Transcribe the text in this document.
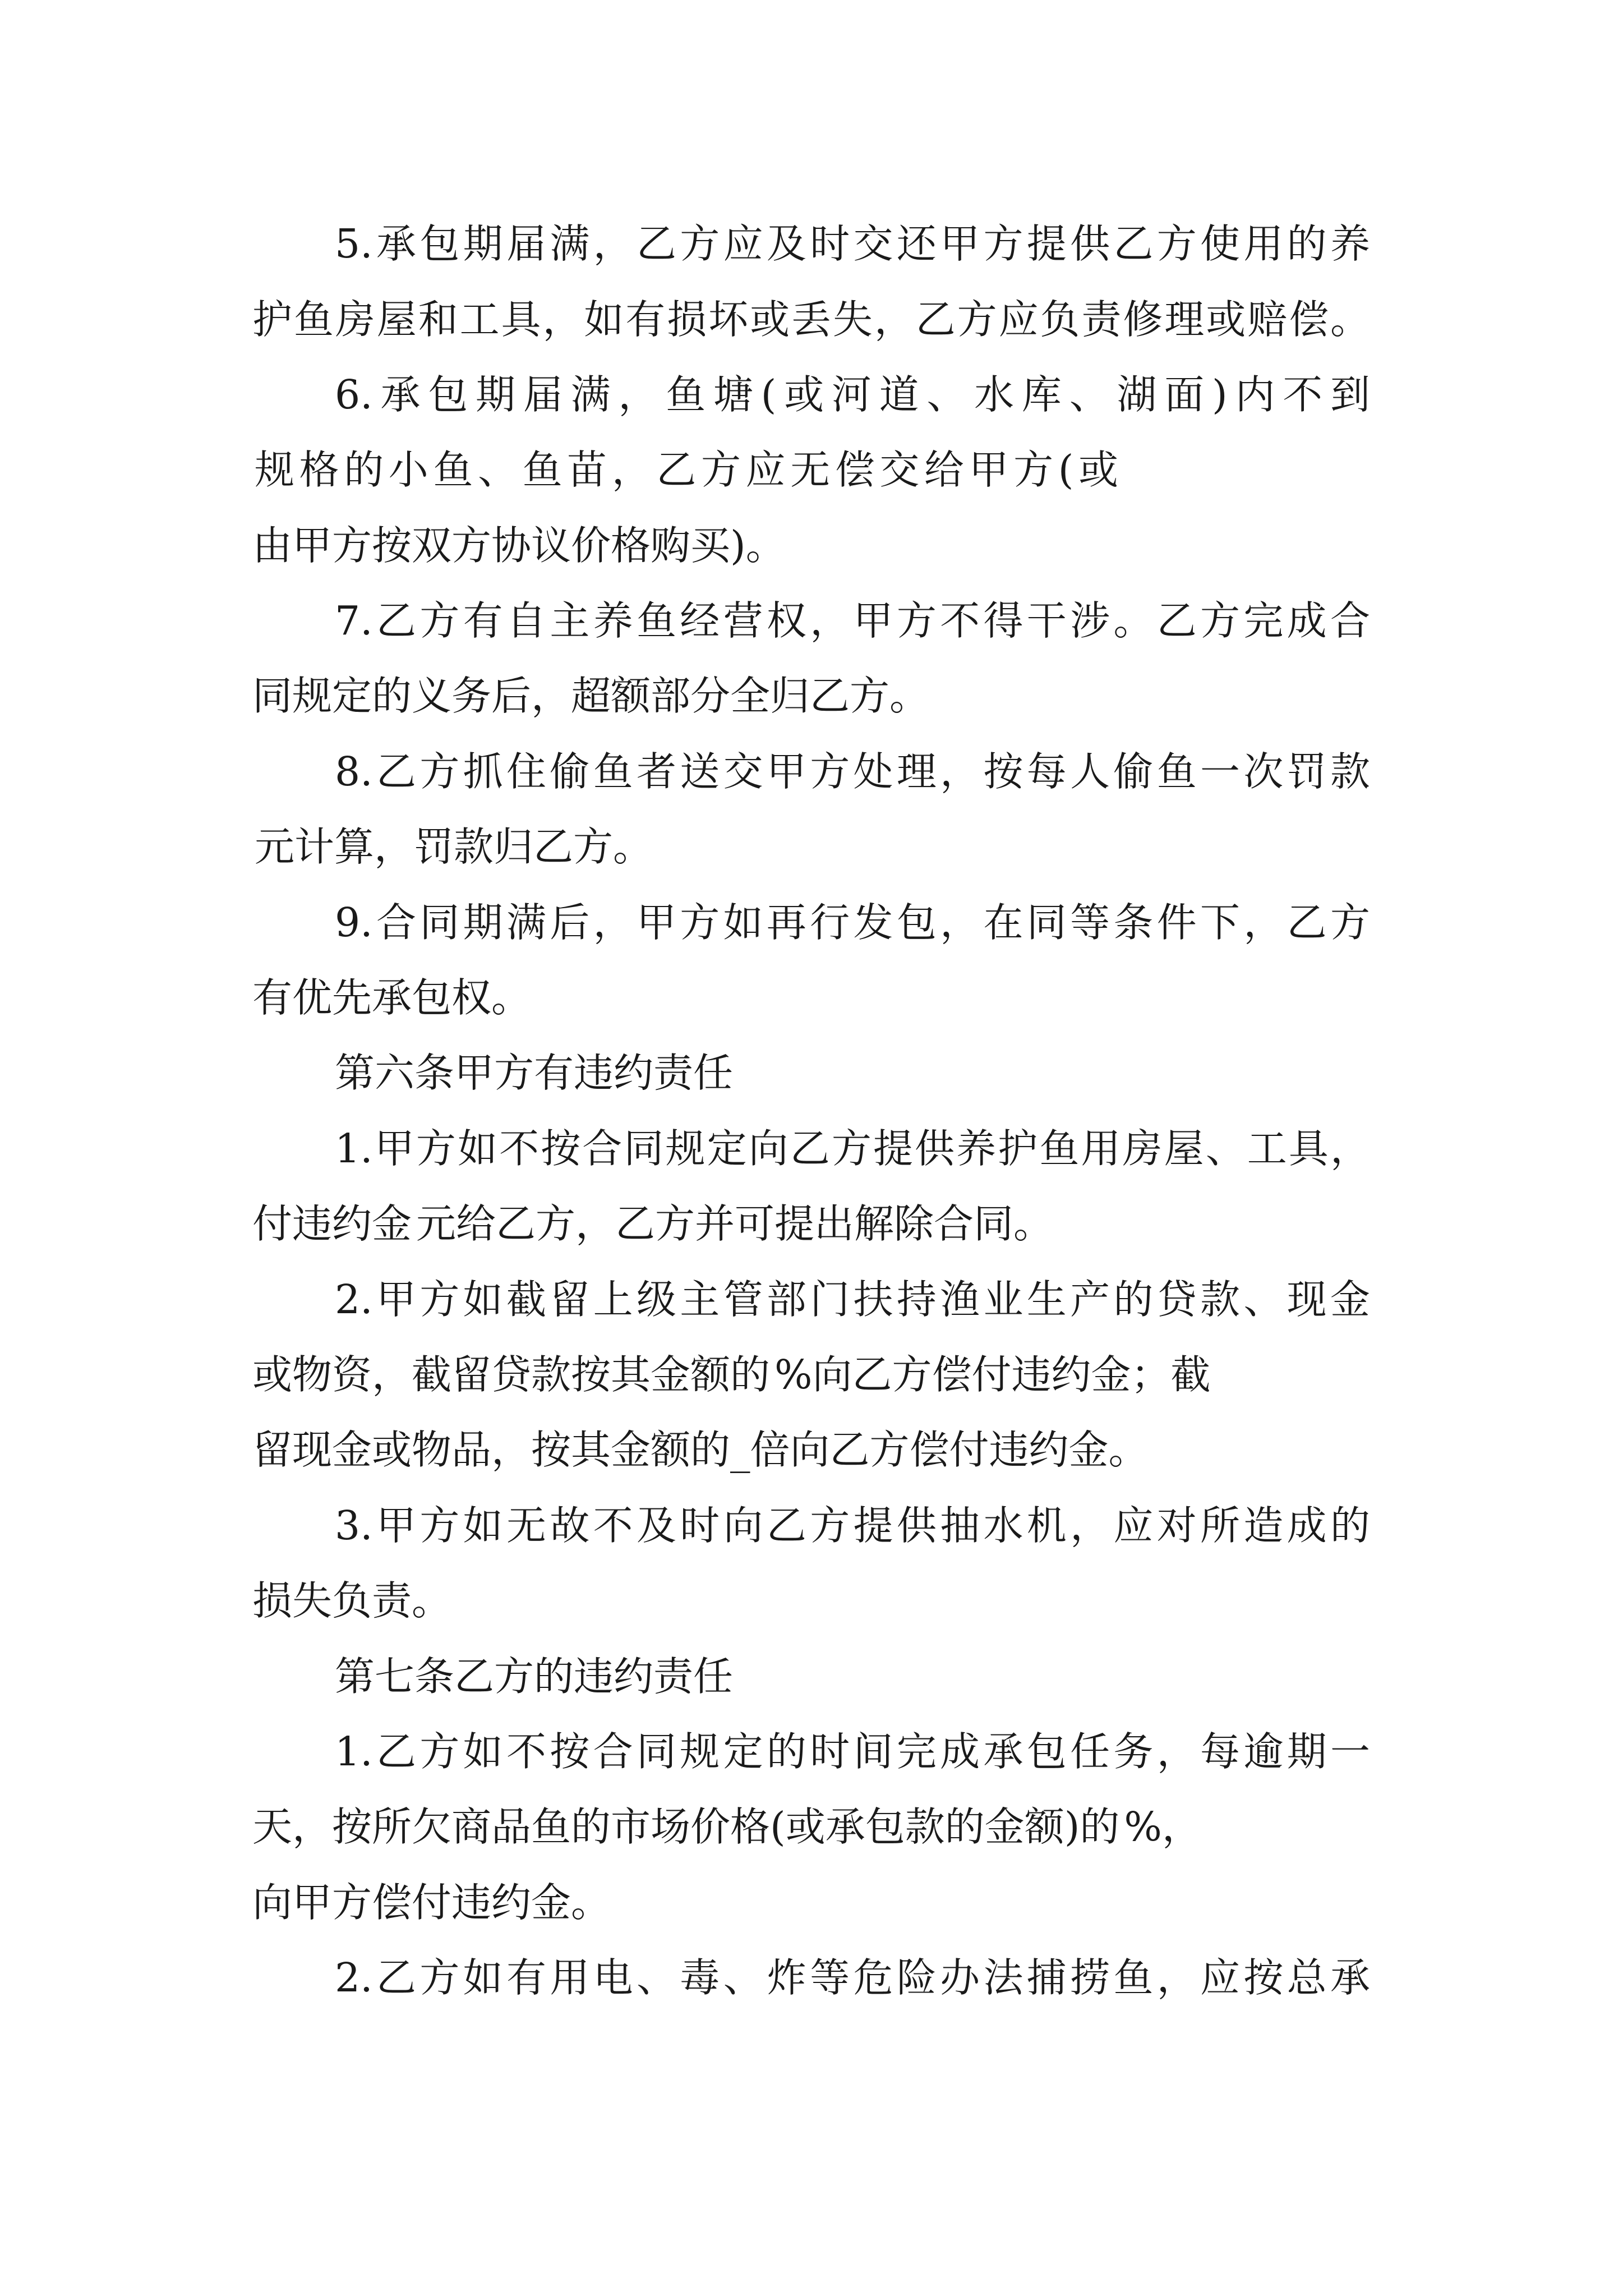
5.承包期届满，乙方应及时交还甲方提供乙方使用的养
护鱼房屋和工具，如有损坏或丢失，乙方应负责修理或赔偿。
6.承包期届满，鱼塘(或河道、水库、湖面)内不到
规格的小鱼、鱼苗，乙方应无偿交给甲方(或
由甲方按双方协议价格购买)。
7.乙方有自主养鱼经营权，甲方不得干涉。乙方完成合
同规定的义务后，超额部分全归乙方。
8.乙方抓住偷鱼者送交甲方处理，按每人偷鱼一次罚款
元计算，罚款归乙方。
9.合同期满后，甲方如再行发包，在同等条件下，乙方
有优先承包权。
第六条甲方有违约责任
1.甲方如不按合同规定向乙方提供养护鱼用房屋、工具，
付违约金 元给乙方，乙方并可提出解除合同。
2.甲方如截留上级主管部门扶持渔业生产的贷款、现金
或物资，截留贷款按其金额的 %向乙方偿付违约金；截
留现金或物品，按其金额的_倍向乙方偿付违约金。
3.甲方如无故不及时向乙方提供抽水机，应对所造成的
损失负责。
第七条乙方的违约责任
1.乙方如不按合同规定的时间完成承包任务，每逾期一
天，按所欠商品鱼的市场价格(或承包款的金额)的 %，
向甲方偿付违约金。
2.乙方如有用电、毒、炸等危险办法捕捞鱼，应按总承
